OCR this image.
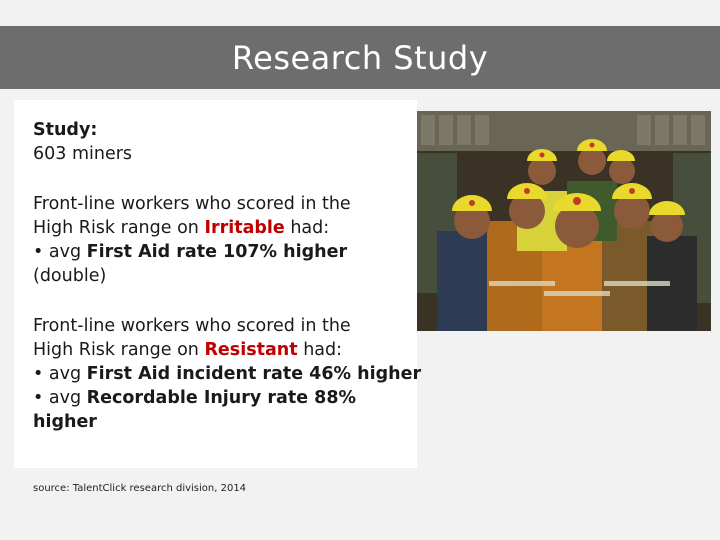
Research Study

Study:

603 miners

Front-line workers who scored in the

High Risk range on Irritable had:

• avg First Aid rate 107% higher (double)

Front-line workers who scored in the

High Risk range on Resistant had:

• avg First Aid incident rate 46% higher

• avg Recordable Injury rate 88% higher

source: TalentClick research division, 2014
